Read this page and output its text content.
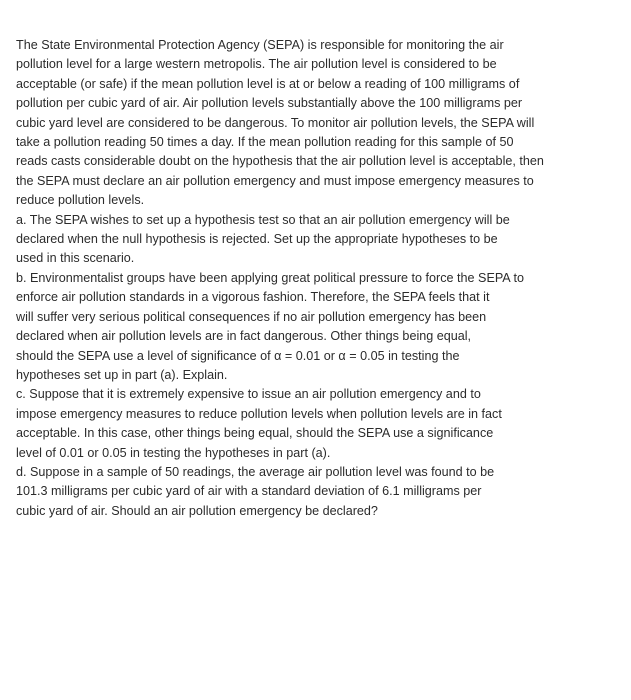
The State Environmental Protection Agency (SEPA) is responsible for monitoring the air
pollution level for a large western metropolis. The air pollution level is considered to be
acceptable (or safe) if the mean pollution level is at or below a reading of 100 milligrams of
pollution per cubic yard of air. Air pollution levels substantially above the 100 milligrams per
cubic yard level are considered to be dangerous. To monitor air pollution levels, the SEPA will
take a pollution reading 50 times a day. If the mean pollution reading for this sample of 50
reads casts considerable doubt on the hypothesis that the air pollution level is acceptable, then
the SEPA must declare an air pollution emergency and must impose emergency measures to
reduce pollution levels.
a. The SEPA wishes to set up a hypothesis test so that an air pollution emergency will be
declared when the null hypothesis is rejected. Set up the appropriate hypotheses to be
used in this scenario.
b. Environmentalist groups have been applying great political pressure to force the SEPA to
enforce air pollution standards in a vigorous fashion. Therefore, the SEPA feels that it
will suffer very serious political consequences if no air pollution emergency has been
declared when air pollution levels are in fact dangerous. Other things being equal,
should the SEPA use a level of significance of α = 0.01 or α = 0.05 in testing the
hypotheses set up in part (a). Explain.
c. Suppose that it is extremely expensive to issue an air pollution emergency and to
impose emergency measures to reduce pollution levels when pollution levels are in fact
acceptable. In this case, other things being equal, should the SEPA use a significance
level of 0.01 or 0.05 in testing the hypotheses in part (a).
d. Suppose in a sample of 50 readings, the average air pollution level was found to be
101.3 milligrams per cubic yard of air with a standard deviation of 6.1 milligrams per
cubic yard of air. Should an air pollution emergency be declared?
